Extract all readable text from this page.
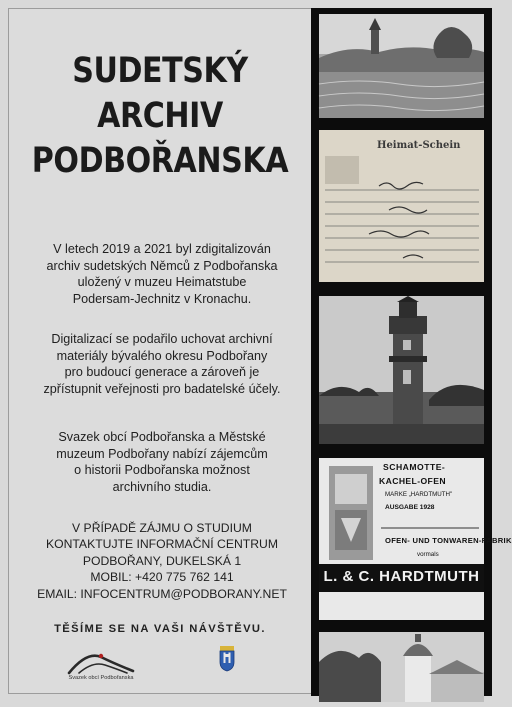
SUDETSKÝ
ARCHIV
PODBOŘANSKA
V letech 2019 a 2021 byl zdigitalizován
archiv sudetských Němců z Podbořanska
uložený v muzeu Heimatstube
Podersam-Jechnitz v Kronachu.
Digitalizací se podařilo uchovat archivní
materiály bývalého okresu Podbořany
pro budoucí generace a zároveň je
zpřístupnit veřejnosti pro badatelské účely.
Svazek obcí Podbořanska a Městské
muzeum Podbořany nabízí zájemcům
o historii Podbořanska možnost
archivního studia.
V PŘÍPADĚ ZÁJMU O STUDIUM
KONTAKTUJTE INFORMAČNÍ CENTRUM
PODBOŘANY, DUKELSKÁ 1
MOBIL: +420 775 762 141
EMAIL: INFOCENTRUM@PODBORANY.NET
TĚŠÍME SE NA VAŠI NÁVŠTĚVU.
Svazek obcí Podbořanska
Heimat-Schein
SCHAMOTTE-
KACHEL-OFEN
MARKE „HARDTMUTH"
AUSGABE 1928
OFEN- UND TONWAREN-FABRIK
vormals
L. & C. HARDTMUTH
